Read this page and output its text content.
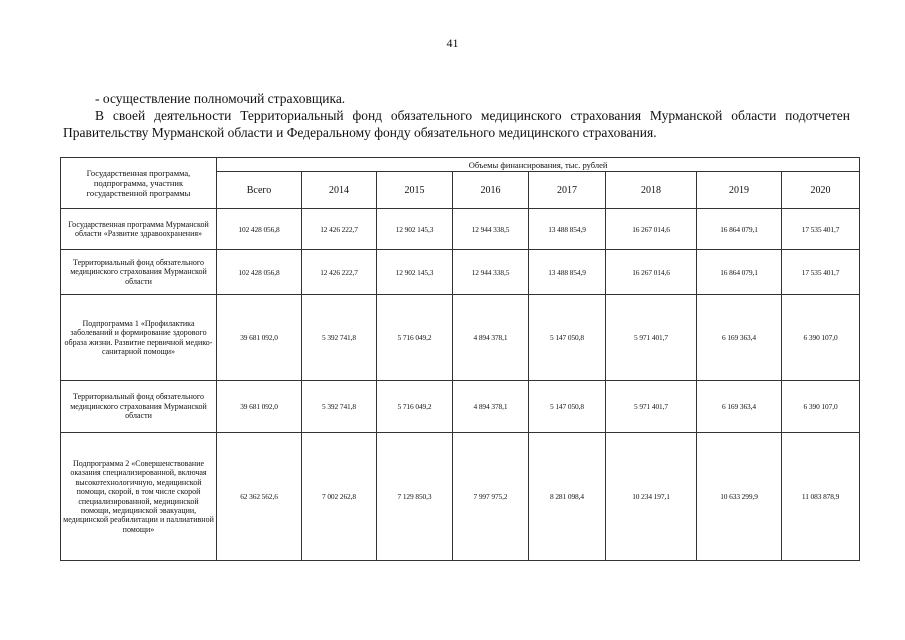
41
- осуществление полномочий страховщика.
В своей деятельности Территориальный фонд обязательного медицинского страхования Мурманской области подотчетен Правительству Мурманской области и Федеральному фонду обязательного медицинского страхования.
Государственная программа, подпрограмма, участник государственной программы	Объемы финансирования, тыс. рублей							
	Всего	2014	2015	2016	2017	2018	2019	2020
Государственная программа Мурманской области «Развитие здравоохранения»	102 428 056,8	12 426 222,7	12 902 145,3	12 944 338,5	13 488 854,9	16 267 014,6	16 864 079,1	17 535 401,7
Территориальный фонд обязательного медицинского страхования Мурманской области	102 428 056,8	12 426 222,7	12 902 145,3	12 944 338,5	13 488 854,9	16 267 014,6	16 864 079,1	17 535 401,7
Подпрограмма 1 «Профилактика заболеваний и формирование здорового образа жизни. Развитие первичной медико-санитарной помощи»	39 681 092,0	5 392 741,8	5 716 049,2	4 894 378,1	5 147 050,8	5 971 401,7	6 169 363,4	6 390 107,0
Территориальный фонд обязательного медицинского страхования Мурманской области	39 681 092,0	5 392 741,8	5 716 049,2	4 894 378,1	5 147 050,8	5 971 401,7	6 169 363,4	6 390 107,0
Подпрограмма 2 «Совершенствование оказания специализированной, включая высокотехнологичную, медицинской помощи, скорой, в том числе скорой специализированной, медицинской помощи, медицинской эвакуации, медицинской реабилитации и паллиативной помощи»	62 362 562,6	7 002 262,8	7 129 850,3	7 997 975,2	8 281 098,4	10 234 197,1	10 633 299,9	11 083 878,9
